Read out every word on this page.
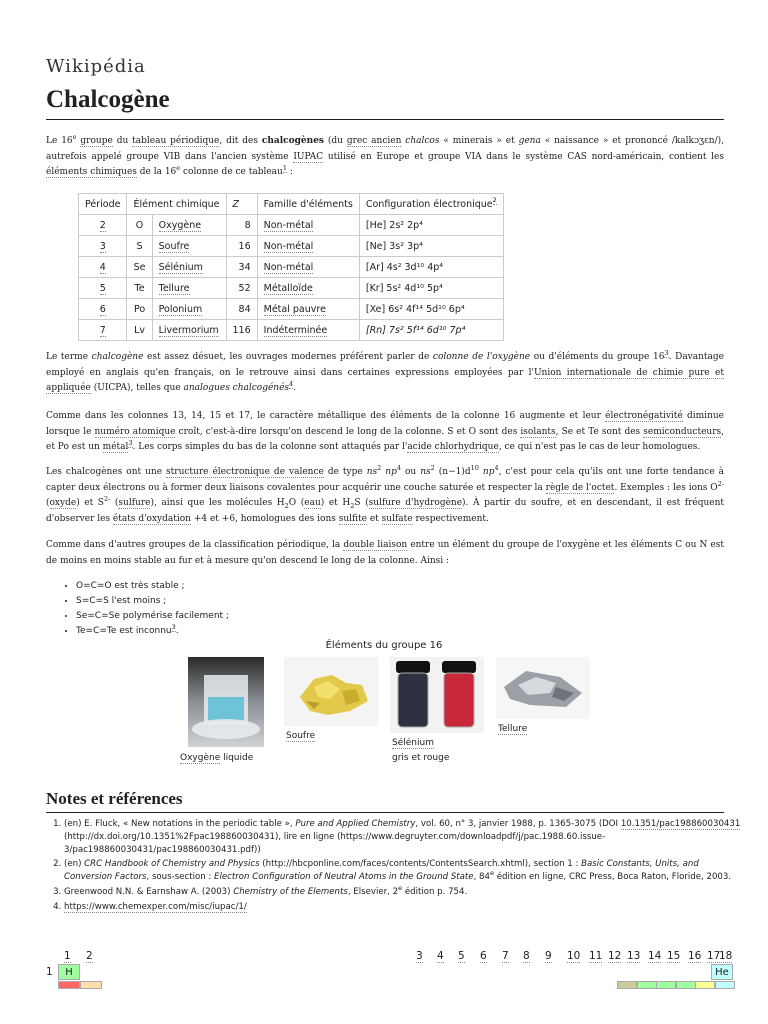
Wikipédia
Chalcogène

Le 16e groupe du tableau périodique, dit des chalcogènes (du grec ancien chalcos « minerais » et gena « naissance » et prononcé /kalkɔʒɛn/), autrefois appelé groupe VIB dans l'ancien système IUPAC utilisé en Europe et groupe VIA dans le système CAS nord-américain, contient les éléments chimiques de la 16e colonne de ce tableau$^1$ :

Période	Élément chimique		Z	Famille d'éléments	Configuration électronique$^2$
2	O	Oxygène	8	Non-métal	[He] 2s² 2p⁴
3	S	Soufre	16	Non-métal	[Ne] 3s² 3p⁴
4	Se	Sélénium	34	Non-métal	[Ar] 4s² 3d¹⁰ 4p⁴
5	Te	Tellure	52	Métalloïde	[Kr] 5s² 4d¹⁰ 5p⁴
6	Po	Polonium	84	Métal pauvre	[Xe] 6s² 4f¹⁴ 5d¹⁰ 6p⁴
7	Lv	Livermorium	116	Indéterminée	[Rn] 7s² 5f¹⁴ 6d¹⁰ 7p⁴

Le terme chalcogène est assez désuet, les ouvrages modernes préférent parler de colonne de l'oxygène ou d'éléments du groupe $16^3$. Davantage employé en anglais qu'en français, on le retrouve ainsi dans certaines expressions employées par l'Union internationale de chimie pure et appliquée (UICPA), telles que analogues chalcogénés$^4$.

Comme dans les colonnes 13, 14, 15 et 17, le caractère métallique des éléments de la colonne 16 augmente et leur électronégativité diminue lorsque le numéro atomique croît, c'est-à-dire lorsqu'on descend le long de la colonne. S et O sont des isolants, Se et Te sont des semiconducteurs, et Po est un métal$^3$. Les corps simples du bas de la colonne sont attaqués par l'acide chlorhydrique, ce qui n'est pas le cas de leur homologues.

Les chalcogènes ont une structure électronique de valence de type $ns^2$ $np^4$ ou $ns^2$ $(n-1)d^{10}$ $np^4$, c'est pour cela qu'ils ont une forte tendance à capter deux électrons ou à former deux liaisons covalentes pour acquérir une couche saturée et respecter la règle de l'octet. Exemples : les ions $O^{2-}$ (oxyde) et $S^{2-}$ (sulfure), ainsi que les molécules $H_2O$ (eau) et $H_2S$ (sulfure d'hydrogène). À partir du soufre, et en descendant, il est fréquent d'observer les états d'oxydation +4 et +6, homologues des ions sulfite et sulfate respectivement.

Comme dans d'autres groupes de la classification périodique, la double liaison entre un élément du groupe de l'oxygène et les éléments C ou N est de moins en moins stable au fur et à mesure qu'on descend le long de la colonne. Ainsi :

• O=C=O est très stable ;
• S=C=S l'est moins ;
• Se=C=Se polymérise facilement ;
• Te=C=Te est inconnu$^3$.
Éléments du groupe 16
Oxygène liquide
Soufre
Sélénium
gris et rouge
Tellure
Notes et références
1. (en) E. Fluck, « New notations in the periodic table », Pure and Applied Chemistry, vol. 60, n° 3, janvier 1988, p. 1365-3075 (DOI 10.1351/pac198860030431 (http://dx.doi.org/10.1351%2Fpac198860030431), lire en ligne (https://www.degruyter.com/downloadpdf/j/pac.1988.60.issue-3/pac198860030431/pac198860030431.pdf))
2. (en) CRC Handbook of Chemistry and Physics (http://hbcponline.com/faces/contents/ContentsSearch.xhtml), section 1 : Basic Constants, Units, and Conversion Factors, sous-section : Electron Configuration of Neutral Atoms in the Ground State, 84e édition en ligne, CRC Press, Boca Raton, Floride, 2003.
3. Greenwood N.N. & Earnshaw A. (2003) Chemistry of the Elements, Elsevier, 2e édition p. 754.
4. https://www.chemexper.com/misc/iupac/1/
1 2	3 4 5 6 7 8 9 10 11 12 13 14 15 16 17
18
1	H	He
